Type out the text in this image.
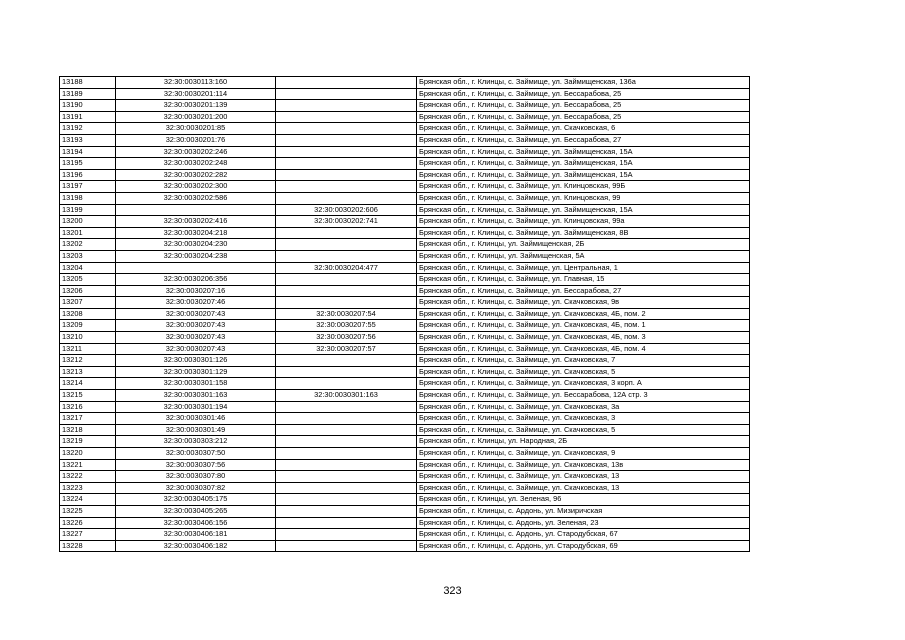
13188	32:30:0030113:160		Брянская обл., г. Клинцы, с. Займище, ул. Займищенская, 136а
13189	32:30:0030201:114		Брянская обл., г. Клинцы, с. Займище, ул. Бессарабова, 25
13190	32:30:0030201:139		Брянская обл., г. Клинцы, с. Займище, ул. Бессарабова, 25
13191	32:30:0030201:200		Брянская обл., г. Клинцы, с. Займище, ул. Бессарабова, 25
13192	32:30:0030201:85		Брянская обл., г. Клинцы, с. Займище, ул. Скачковская, 6
13193	32:30:0030201:76		Брянская обл., г. Клинцы, с. Займище, ул. Бессарабова, 27
13194	32:30:0030202:246		Брянская обл., г. Клинцы, с. Займище, ул. Займищенская, 15А
13195	32:30:0030202:248		Брянская обл., г. Клинцы, с. Займище, ул. Займищенская, 15А
13196	32:30:0030202:282		Брянская обл., г. Клинцы, с. Займище, ул. Займищенская, 15А
13197	32:30:0030202:300		Брянская обл., г. Клинцы, с. Займище, ул. Клинцовская, 99Б
13198	32:30:0030202:586		Брянская обл., г. Клинцы, с. Займище, ул. Клинцовская, 99
13199		32:30:0030202:606	Брянская обл., г. Клинцы, с. Займище, ул. Займищенская, 15А
13200	32:30:0030202:416	32:30:0030202:741	Брянская обл., г. Клинцы, с. Займище, ул. Клинцовская, 99а
13201	32:30:0030204:218		Брянская обл., г. Клинцы, с. Займище, ул. Займищенская, 8В
13202	32:30:0030204:230		Брянская обл., г. Клинцы, ул. Займищенская, 2Б
13203	32:30:0030204:238		Брянская обл., г. Клинцы, ул. Займищенская, 5А
13204		32:30:0030204:477	Брянская обл., г. Клинцы, с. Займище, ул. Центральная, 1
13205	32:30:0030206:356		Брянская обл., г. Клинцы, с. Займище, ул. Главная, 15
13206	32:30:0030207:16		Брянская обл., г. Клинцы, с. Займище, ул. Бессарабова, 27
13207	32:30:0030207:46		Брянская обл., г. Клинцы, с. Займище, ул. Скачковская, 9в
13208	32:30:0030207:43	32:30:0030207:54	Брянская обл., г. Клинцы, с. Займище, ул. Скачковская, 4Б, пом. 2
13209	32:30:0030207:43	32:30:0030207:55	Брянская обл., г. Клинцы, с. Займище, ул. Скачковская, 4Б, пом. 1
13210	32:30:0030207:43	32:30:0030207:56	Брянская обл., г. Клинцы, с. Займище, ул. Скачковская, 4Б, пом. 3
13211	32:30:0030207:43	32:30:0030207:57	Брянская обл., г. Клинцы, с. Займище, ул. Скачковская, 4Б, пом. 4
13212	32:30:0030301:126		Брянская обл., г. Клинцы, с. Займище, ул. Скачковская, 7
13213	32:30:0030301:129		Брянская обл., г. Клинцы, с. Займище, ул. Скачковская, 5
13214	32:30:0030301:158		Брянская обл., г. Клинцы, с. Займище, ул. Скачковская, 3 корп. А
13215	32:30:0030301:163	32:30:0030301:163	Брянская обл., г. Клинцы, с. Займище, ул. Бессарабова, 12А стр. 3
13216	32:30:0030301:194		Брянская обл., г. Клинцы, с. Займище, ул. Скачковская, 3а
13217	32:30:0030301:46		Брянская обл., г. Клинцы, с. Займище, ул. Скачковская, 3
13218	32:30:0030301:49		Брянская обл., г. Клинцы, с. Займище, ул. Скачковская, 5
13219	32:30:0030303:212		Брянская обл., г. Клинцы, ул. Народная, 2Б
13220	32:30:0030307:50		Брянская обл., г. Клинцы, с. Займище, ул. Скачковская, 9
13221	32:30:0030307:56		Брянская обл., г. Клинцы, с. Займище, ул. Скачковская, 13в
13222	32:30:0030307:80		Брянская обл., г. Клинцы, с. Займище, ул. Скачковская, 13
13223	32:30:0030307:82		Брянская обл., г. Клинцы, с. Займище, ул. Скачковская, 13
13224	32:30:0030405:175		Брянская обл., г. Клинцы, ул. Зеленая, 96
13225	32:30:0030405:265		Брянская обл., г. Клинцы, с. Ардонь, ул. Мизиричская
13226	32:30:0030406:156		Брянская обл., г. Клинцы, с. Ардонь, ул. Зеленая, 23
13227	32:30:0030406:181		Брянская обл., г. Клинцы, с. Ардонь, ул. Стародубская, 67
13228	32:30:0030406:182		Брянская обл., г. Клинцы, с. Ардонь, ул. Стародубская, 69
323
